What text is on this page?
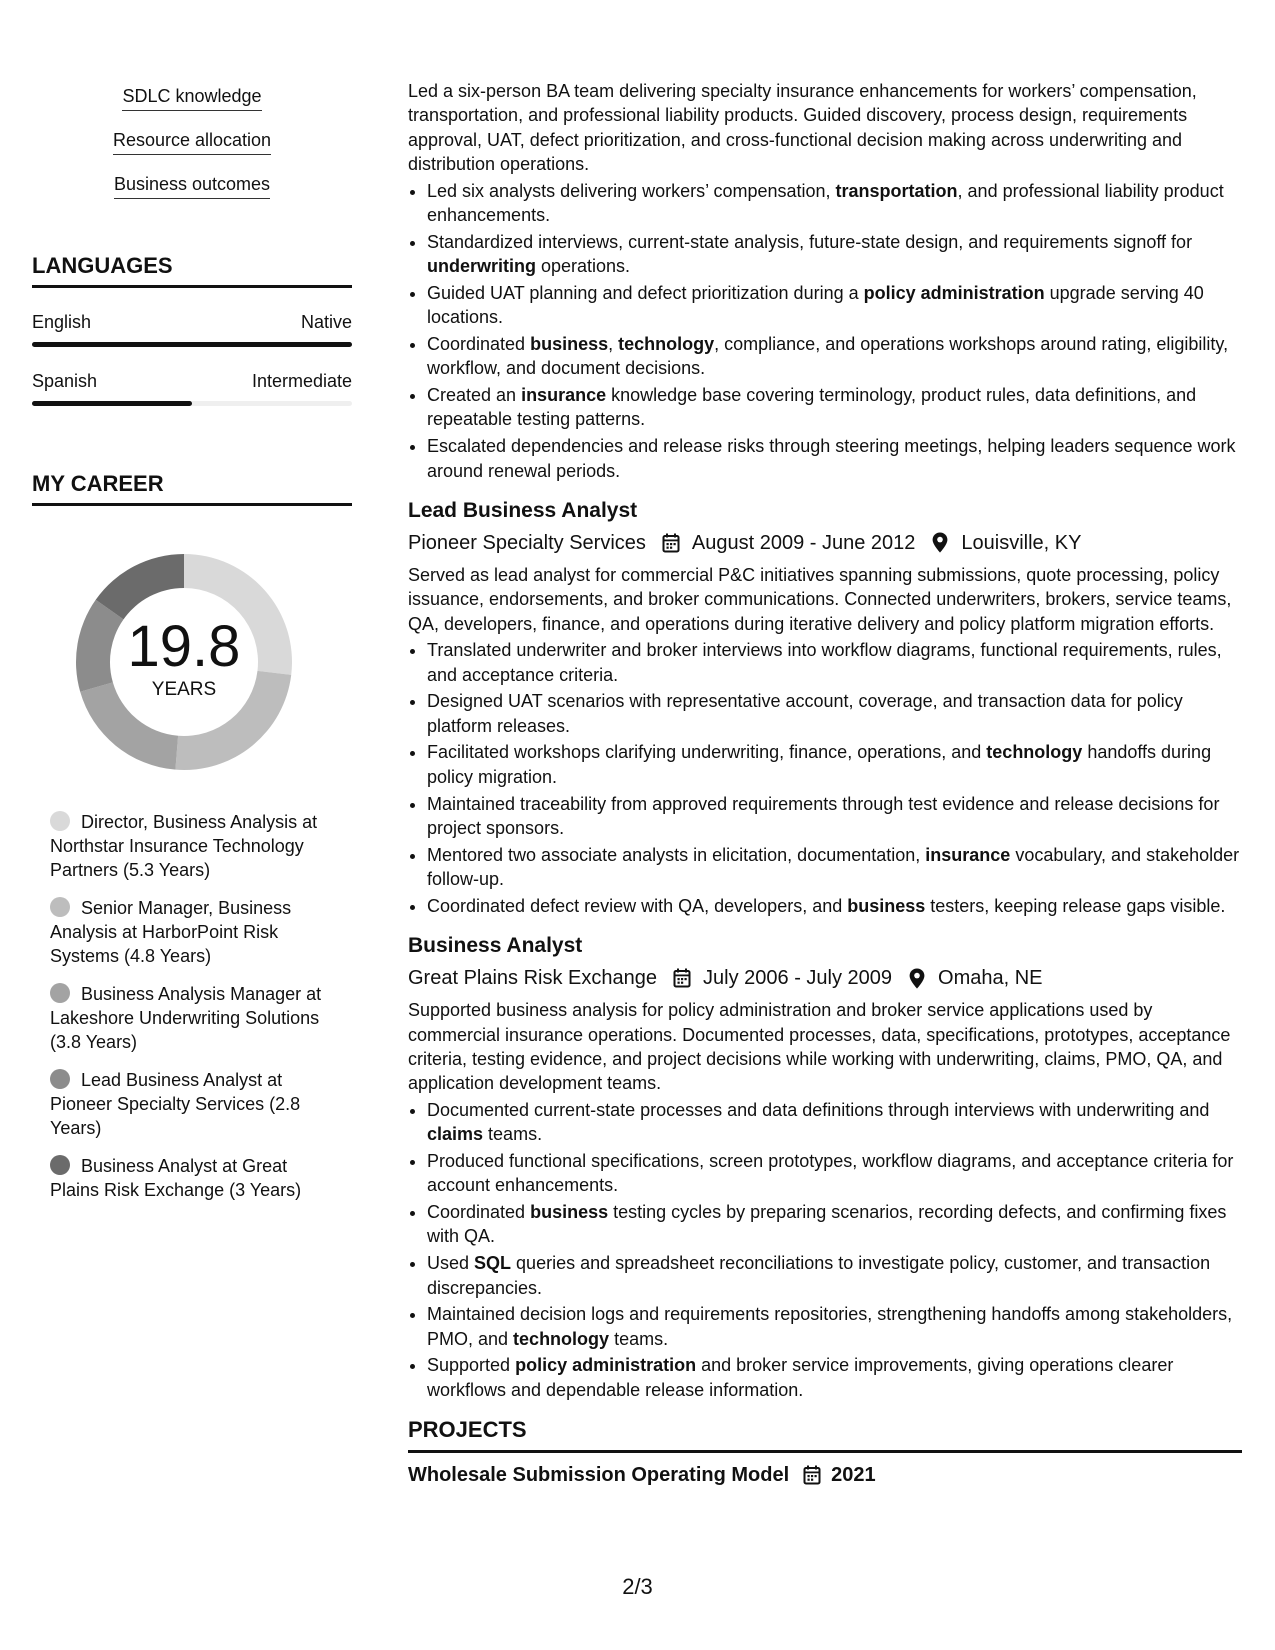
SDLC knowledge
Resource allocation
Business outcomes
LANGUAGES
English	Native
Spanish	Intermediate
MY CAREER
19.8
YEARS
Director, Business Analysis at Northstar Insurance Technology Partners (5.3 Years)
Senior Manager, Business Analysis at HarborPoint Risk Systems (4.8 Years)
Business Analysis Manager at Lakeshore Underwriting Solutions (3.8 Years)
Lead Business Analyst at Pioneer Specialty Services (2.8 Years)
Business Analyst at Great Plains Risk Exchange (3 Years)

Led a six-person BA team delivering specialty insurance enhancements for workers’ compensation, transportation, and professional liability products. Guided discovery, process design, requirements approval, UAT, defect prioritization, and cross-functional decision making across underwriting and distribution operations.

• Led six analysts delivering workers’ compensation, transportation, and professional liability product enhancements.
• Standardized interviews, current-state analysis, future-state design, and requirements signoff for underwriting operations.
• Guided UAT planning and defect prioritization during a policy administration upgrade serving 40 locations.
• Coordinated business, technology, compliance, and operations workshops around rating, eligibility, workflow, and document decisions.
• Created an insurance knowledge base covering terminology, product rules, data definitions, and repeatable testing patterns.
• Escalated dependencies and release risks through steering meetings, helping leaders sequence work around renewal periods.
Lead Business Analyst
Pioneer Specialty Services August 2009 - June 2012 Louisville, KY

Served as lead analyst for commercial P&C initiatives spanning submissions, quote processing, policy issuance, endorsements, and broker communications. Connected underwriters, brokers, service teams, QA, developers, finance, and operations during iterative delivery and policy platform migration efforts.

• Translated underwriter and broker interviews into workflow diagrams, functional requirements, rules, and acceptance criteria.
• Designed UAT scenarios with representative account, coverage, and transaction data for policy platform releases.
• Facilitated workshops clarifying underwriting, finance, operations, and technology handoffs during policy migration.
• Maintained traceability from approved requirements through test evidence and release decisions for project sponsors.
• Mentored two associate analysts in elicitation, documentation, insurance vocabulary, and stakeholder follow-up.
• Coordinated defect review with QA, developers, and business testers, keeping release gaps visible.
Business Analyst
Great Plains Risk Exchange July 2006 - July 2009 Omaha, NE

Supported business analysis for policy administration and broker service applications used by commercial insurance operations. Documented processes, data, specifications, prototypes, acceptance criteria, testing evidence, and project decisions while working with underwriting, claims, PMO, QA, and application development teams.

• Documented current-state processes and data definitions through interviews with underwriting and claims teams.
• Produced functional specifications, screen prototypes, workflow diagrams, and acceptance criteria for account enhancements.
• Coordinated business testing cycles by preparing scenarios, recording defects, and confirming fixes with QA.
• Used SQL queries and spreadsheet reconciliations to investigate policy, customer, and transaction discrepancies.
• Maintained decision logs and requirements repositories, strengthening handoffs among stakeholders, PMO, and technology teams.
• Supported policy administration and broker service improvements, giving operations clearer workflows and dependable release information.
PROJECTS
Wholesale Submission Operating Model 2021
2/3
